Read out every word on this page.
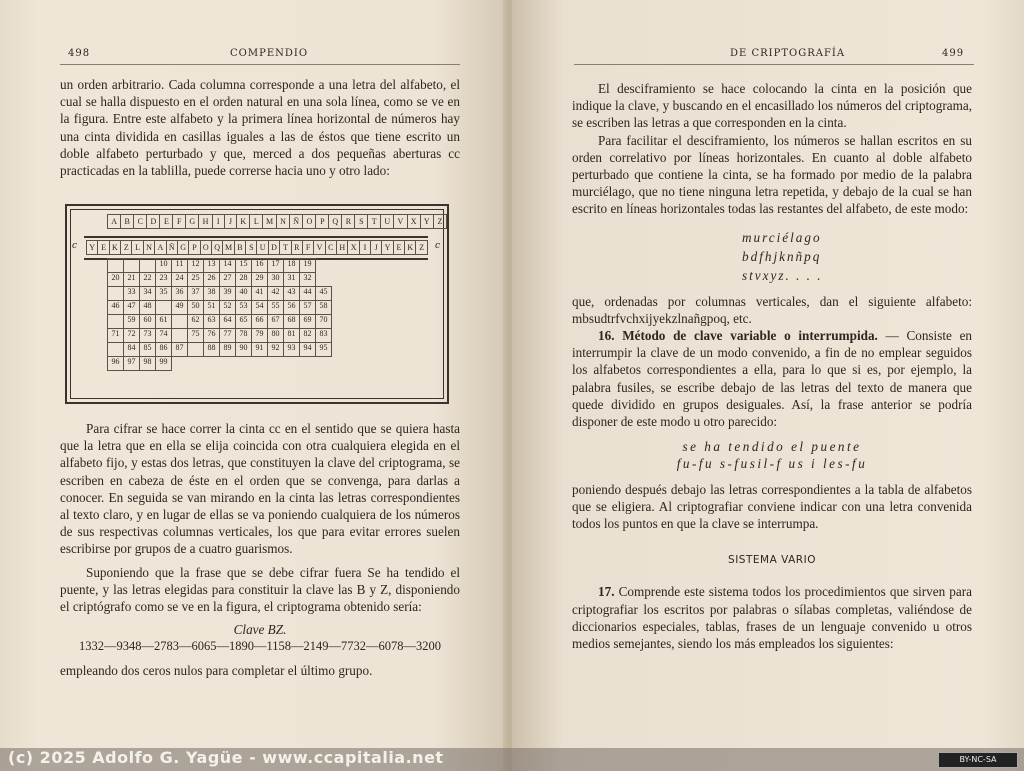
498	COMPENDIO

un orden arbitrario. Cada columna corresponde a una letra del alfabeto, el cual se halla dispuesto en el orden natural en una sola línea, como se ve en la figura. Entre este alfabeto y la primera línea horizontal de números hay una cinta dividida en casillas iguales a las de éstos que tiene escrito un doble alfabeto perturbado y que, merced a dos pequeñas aberturas cc practicadas en la tablilla, puede correrse hacia uno y otro lado:

A	B	C	D	E	F	G	H	I	J	K	L	M	N	Ñ	O	P	Q	R	S	T	U	V	X	Y	Z
c	c
Y	E	K	Z	L	N	A	Ñ	G	P	O	Q	M	B	S	U	D	T	R	F	V	C	H	X	I	J	Y	E	K	Z
			10	11	12	13	14	15	16	17	18	19	
20	21	22	23	24	25	26	27	28	29	30	31	32	
	33	34	35	36	37	38	39	40	41	42	43	44	45
46	47	48		49	50	51	52	53	54	55	56	57	58
	59	60	61		62	63	64	65	66	67	68	69	70
71	72	73	74		75	76	77	78	79	80	81	82	83
	84	85	86	87		88	89	90	91	92	93	94	95
96	97	98	99										

Para cifrar se hace correr la cinta cc en el sentido que se quiera hasta que la letra que en ella se elija coincida con otra cualquiera elegida en el alfabeto fijo, y estas dos letras, que constituyen la clave del criptograma, se escriben en cabeza de éste en el orden que se convenga, para darlas a conocer. En seguida se van mirando en la cinta las letras correspondientes al texto claro, y en lugar de ellas se va poniendo cualquiera de los números de sus respectivas columnas verticales, los que para evitar errores suelen escribirse por grupos de a cuatro guarismos.

Suponiendo que la frase que se debe cifrar fuera Se ha tendido el puente, y las letras elegidas para constituir la clave las B y Z, disponiendo el criptógrafo como se ve en la figura, el criptograma obtenido sería:

Clave BZ.

1332—9348—2783—6065—1890—1158—2149—7732—6078—3200

empleando dos ceros nulos para completar el último grupo.

DE CRIPTOGRAFÍA	499

El desciframiento se hace colocando la cinta en la posición que indique la clave, y buscando en el encasillado los números del criptograma, se escriben las letras a que corresponden en la cinta.

Para facilitar el desciframiento, los números se hallan escritos en su orden correlativo por líneas horizontales. En cuanto al doble alfabeto perturbado que contiene la cinta, se ha formado por medio de la palabra murciélago, que no tiene ninguna letra repetida, y debajo de la cual se han escrito en líneas horizontales todas las restantes del alfabeto, de este modo:

murciélago
bdfhjknñpq
stvxyz. . . .

que, ordenadas por columnas verticales, dan el siguiente alfabeto: mbsudtrfvchxijyekzlnañgpoq, etc.

16. Método de clave variable o interrumpida. — Consiste en interrumpir la clave de un modo convenido, a fin de no emplear seguidos los alfabetos correspondientes a ella, para lo que si es, por ejemplo, la palabra fusiles, se escribe debajo de las letras del texto de manera que quede dividido en grupos desiguales. Así, la frase anterior se podría disponer de este modo u otro parecido:

se ha tendido el puente

fu-fu s-fusil-f us i les-fu

poniendo después debajo las letras correspondientes a la tabla de alfabetos que se eligiera. Al criptografiar conviene indicar con una letra convenida todos los puntos en que la clave se interrumpa.

SISTEMA VARIO

17. Comprende este sistema todos los procedimientos que sirven para criptografiar los escritos por palabras o sílabas completas, valiéndose de diccionarios especiales, tablas, frases de un lenguaje convenido u otros medios semejantes, siendo los más empleados los siguientes:

(c) 2025 Adolfo G. Yagüe - www.ccapitalia.net	BY-NC-SA
